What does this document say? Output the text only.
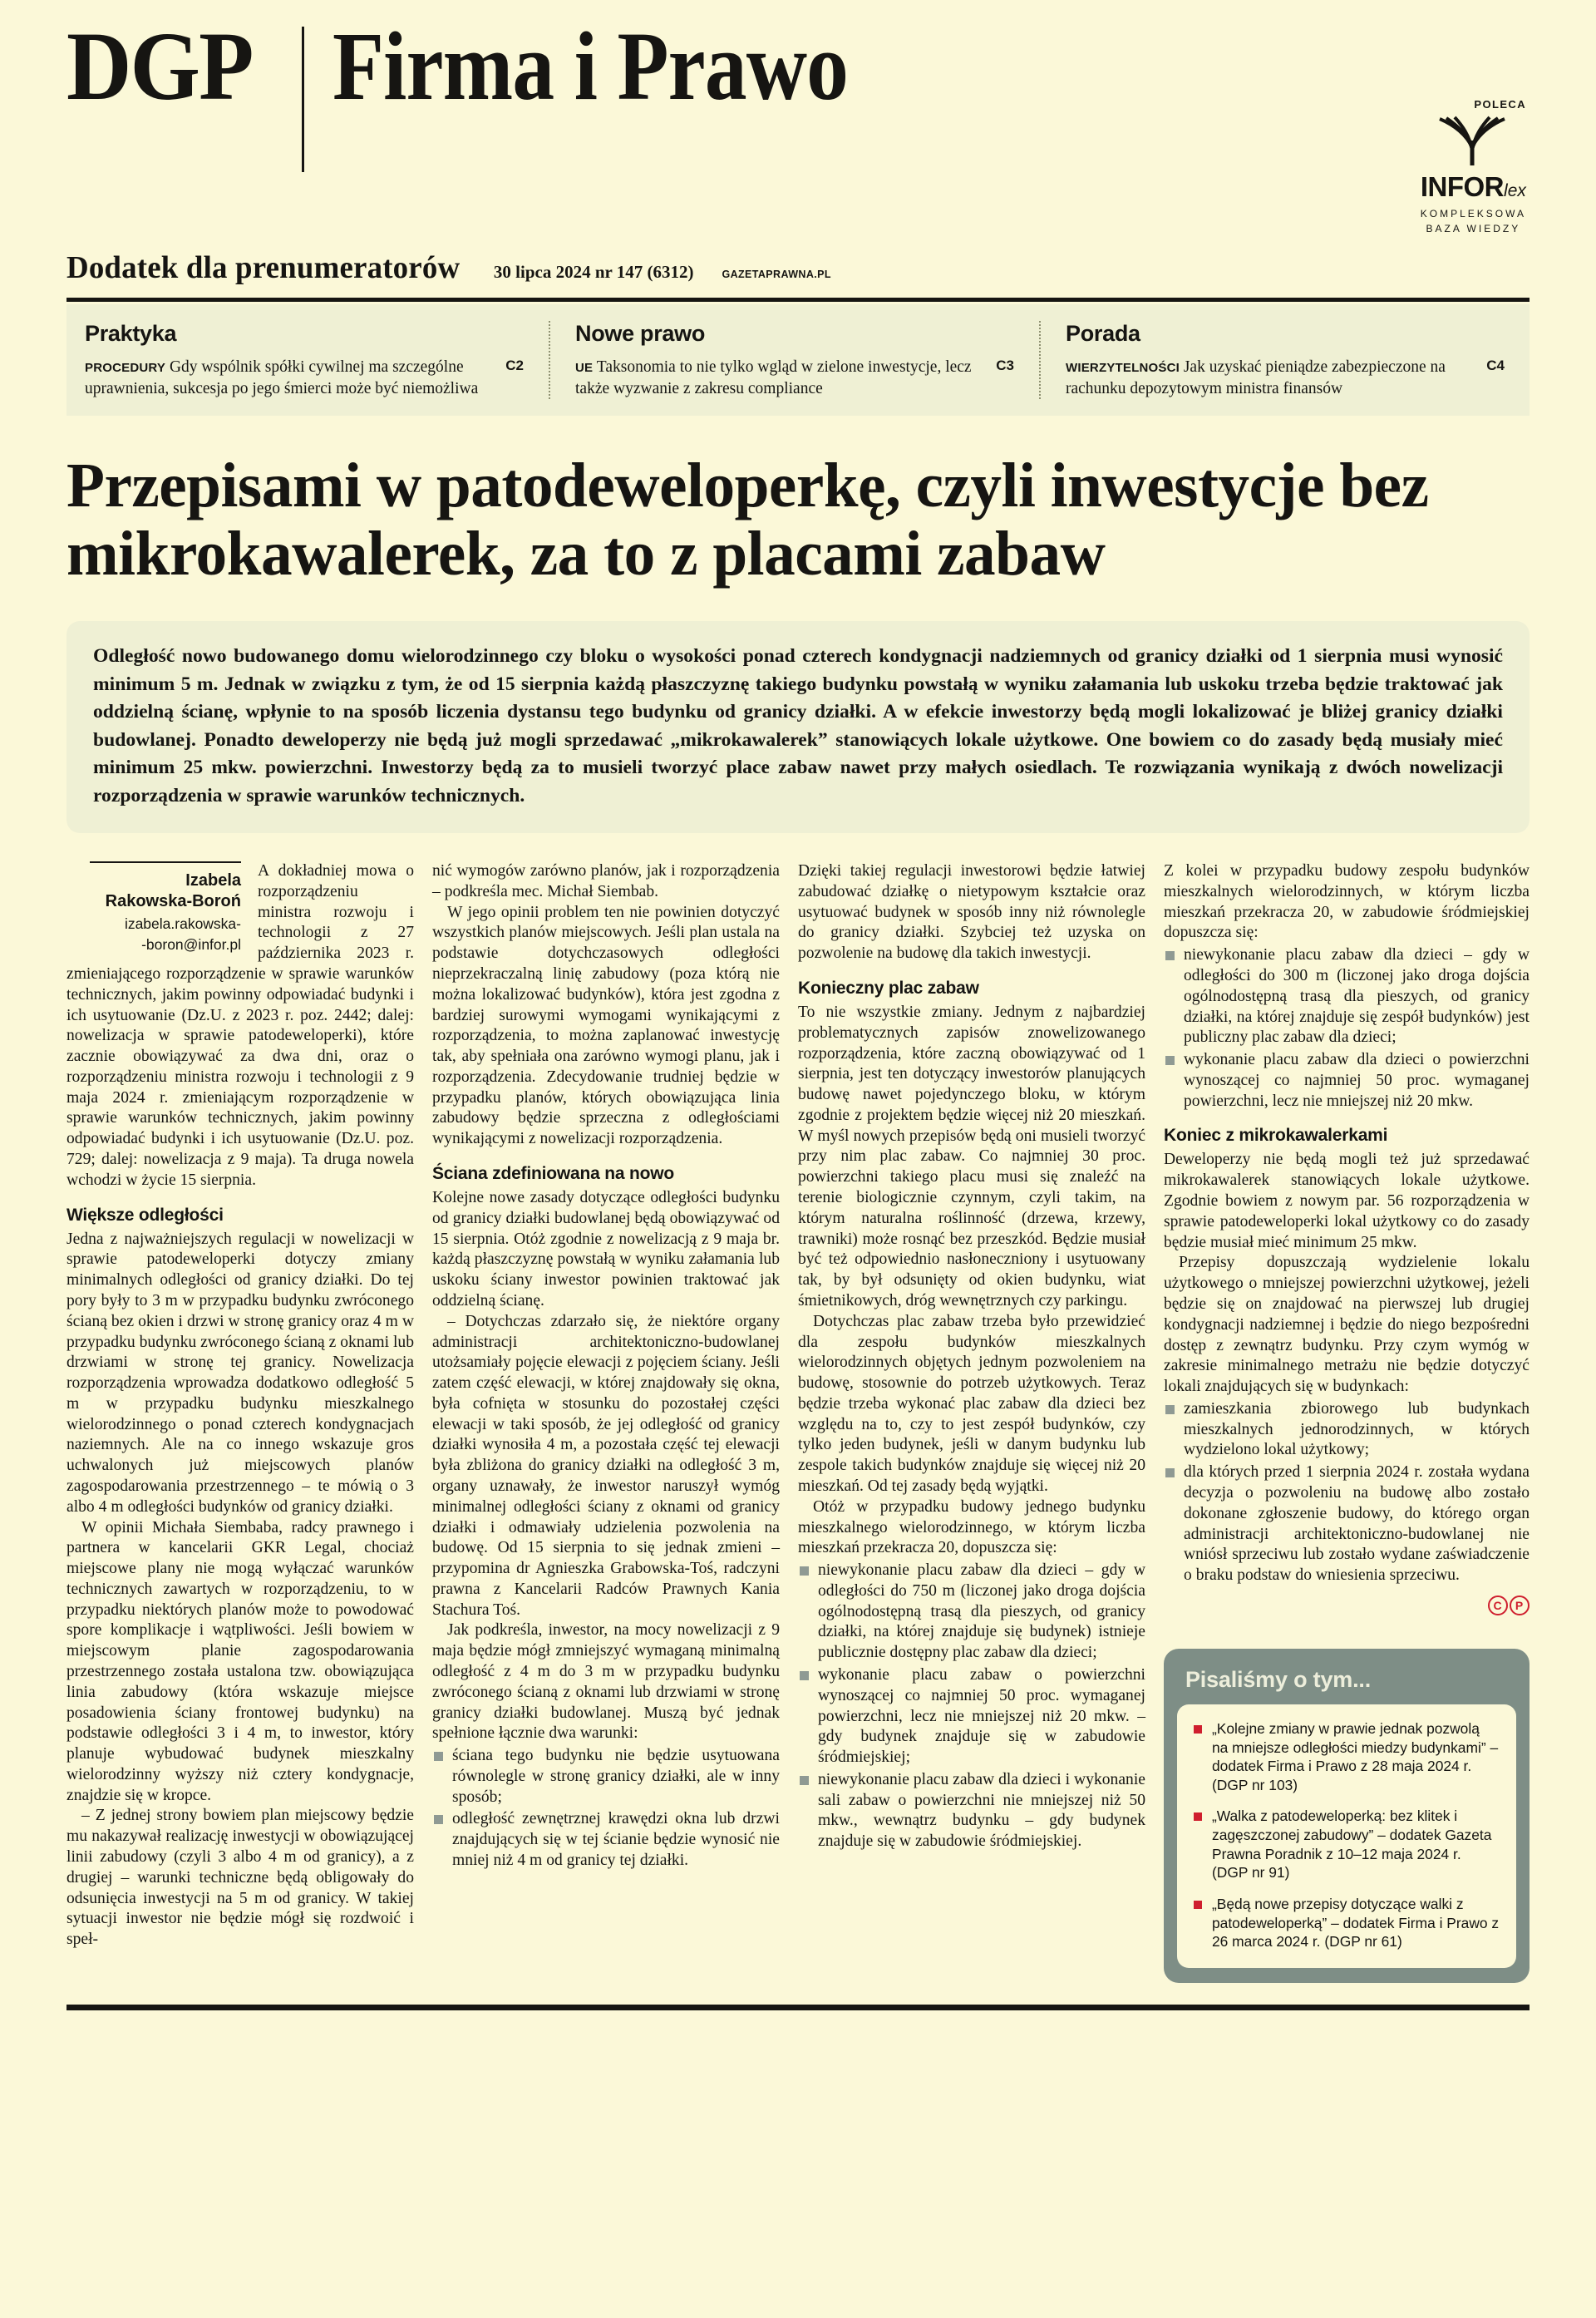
DGP Firma i Prawo	POLECA
INFORlex
KOMPLEKSOWA
BAZA WIEDZY
Dodatek dla prenumeratorów 30 lipca 2024 nr 147 (6312)	GAZETAPRAWNA.PL
Praktyka

C2
PROCEDURY Gdy wspólnik spółki cywilnej ma szczególne uprawnienia, sukcesja po jego śmierci może być niemożliwa

Nowe prawo

C3
UE Taksonomia to nie tylko wgląd w zielone inwestycje, lecz także wyzwanie z zakresu compliance

Porada

C4
WIERZYTELNOŚCI Jak uzyskać pieniądze zabezpieczone na rachunku depozytowym ministra finansów

Przepisami w patodeweloperkę, czyli inwestycje bez mikrokawalerek, za to z placami zabaw
Odległość nowo budowanego domu wielorodzinnego czy bloku o wysokości ponad czterech kondygnacji nadziemnych od granicy działki od 1 sierpnia musi wynosić minimum 5 m. Jednak w związku z tym, że od 15 sierpnia każdą płaszczyznę takiego budynku powstałą w wyniku załamania lub uskoku trzeba będzie traktować jak oddzielną ścianę, wpłynie to na sposób liczenia dystansu tego budynku od granicy działki. A w efekcie inwestorzy będą mogli lokalizować je bliżej granicy działki budowlanej. Ponadto deweloperzy nie będą już mogli sprzedawać „mikrokawalerek” stanowiących lokale użytkowe. One bowiem co do zasady będą musiały mieć minimum 25 mkw. powierzchni. Inwestorzy będą za to musieli tworzyć place zabaw nawet przy małych osiedlach. Te rozwiązania wynikają z dwóch nowelizacji rozporządzenia w sprawie warunków technicznych.
Izabela
Rakowska-Boroń
izabela.rakowska-
-boron@infor.pl

A dokładniej mowa o rozporządzeniu ministra rozwoju i technologii z 27 października 2023 r. zmieniającego rozporządzenie w sprawie warunków technicznych, jakim powinny odpowiadać budynki i ich usytuowanie (Dz.U. z 2023 r. poz. 2442; dalej: nowelizacja w sprawie patodeweloperki), które zacznie obowiązywać za dwa dni, oraz o rozporządzeniu ministra rozwoju i technologii z 9 maja 2024 r. zmieniającym rozporządzenie w sprawie warunków technicznych, jakim powinny odpowiadać budynki i ich usytuowanie (Dz.U. poz. 729; dalej: nowelizacja z 9 maja). Ta druga nowela wchodzi w życie 15 sierpnia.

Większe odległości

Jedna z najważniejszych regulacji w nowelizacji w sprawie patodeweloperki dotyczy zmiany minimalnych odległości od granicy działki. Do tej pory były to 3 m w przypadku budynku zwróconego ścianą bez okien i drzwi w stronę granicy oraz 4 m w przypadku budynku zwróconego ścianą z oknami lub drzwiami w stronę tej granicy. Nowelizacja rozporządzenia wprowadza dodatkowo odległość 5 m w przypadku budynku mieszkalnego wielorodzinnego o ponad czterech kondygnacjach naziemnych. Ale na co innego wskazuje gros uchwalonych już miejscowych planów zagospodarowania przestrzennego – te mówią o 3 albo 4 m odległości budynków od granicy działki.

W opinii Michała Siembaba, radcy prawnego i partnera w kancelarii GKR Legal, chociaż miejscowe plany nie mogą wyłączać warunków technicznych zawartych w rozporządzeniu, to w przypadku niektórych planów może to powodować spore komplikacje i wątpliwości. Jeśli bowiem w miejscowym planie zagospodarowania przestrzennego została ustalona tzw. obowiązująca linia zabudowy (która wskazuje miejsce posadowienia ściany frontowej budynku) na podstawie odległości 3 i 4 m, to inwestor, który planuje wybudować budynek mieszkalny wielorodzinny wyższy niż cztery kondygnacje, znajdzie się w kropce.

– Z jednej strony bowiem plan miejscowy będzie mu nakazywał realizację inwestycji w obowiązującej linii zabudowy (czyli 3 albo 4 m od granicy), a z drugiej – warunki techniczne będą obligowały do odsunięcia inwestycji na 5 m od granicy. W takiej sytuacji inwestor nie będzie mógł się rozdwoić i speł-

nić wymogów zarówno planów, jak i rozporządzenia – podkreśla mec. Michał Siembab.

W jego opinii problem ten nie powinien dotyczyć wszystkich planów miejscowych. Jeśli plan ustala na podstawie dotychczasowych odległości nieprzekraczalną linię zabudowy (poza którą nie można lokalizować budynków), która jest zgodna z bardziej surowymi wymogami wynikającymi z rozporządzenia, to można zaplanować inwestycję tak, aby spełniała ona zarówno wymogi planu, jak i rozporządzenia. Zdecydowanie trudniej będzie w przypadku planów, których obowiązująca linia zabudowy będzie sprzeczna z odległościami wynikającymi z nowelizacji rozporządzenia.

Ściana zdefiniowana na nowo

Kolejne nowe zasady dotyczące odległości budynku od granicy działki budowlanej będą obowiązywać od 15 sierpnia. Otóż zgodnie z nowelizacją z 9 maja br. każdą płaszczyznę powstałą w wyniku załamania lub uskoku ściany inwestor powinien traktować jak oddzielną ścianę.

– Dotychczas zdarzało się, że niektóre organy administracji architektoniczno-budowlanej utożsamiały pojęcie elewacji z pojęciem ściany. Jeśli zatem część elewacji, w której znajdowały się okna, była cofnięta w stosunku do pozostałej części elewacji w taki sposób, że jej odległość od granicy działki wynosiła 4 m, a pozostała część tej elewacji była zbliżona do granicy działki na odległość 3 m, organy uznawały, że inwestor naruszył wymóg minimalnej odległości ściany z oknami od granicy działki i odmawiały udzielenia pozwolenia na budowę. Od 15 sierpnia to się jednak zmieni – przypomina dr Agnieszka Grabowska-Toś, radczyni prawna z Kancelarii Radców Prawnych Kania Stachura Toś.

Jak podkreśla, inwestor, na mocy nowelizacji z 9 maja będzie mógł zmniejszyć wymaganą minimalną odległość z 4 m do 3 m w przypadku budynku zwróconego ścianą z oknami lub drzwiami w stronę granicy działki budowlanej. Muszą być jednak spełnione łącznie dwa warunki:

ściana tego budynku nie będzie usytuowana równolegle w stronę granicy działki, ale w inny sposób;
odległość zewnętrznej krawędzi okna lub drzwi znajdujących się w tej ścianie będzie wynosić nie mniej niż 4 m od granicy tej działki.

Dzięki takiej regulacji inwestorowi będzie łatwiej zabudować działkę o nietypowym kształcie oraz usytuować budynek w sposób inny niż równolegle do granicy działki. Szybciej też uzyska on pozwolenie na budowę dla takich inwestycji.

Konieczny plac zabaw

To nie wszystkie zmiany. Jednym z najbardziej problematycznych zapisów znowelizowanego rozporządzenia, które zaczną obowiązywać od 1 sierpnia, jest ten dotyczący inwestorów planujących budowę nawet pojedynczego bloku, w którym zgodnie z projektem będzie więcej niż 20 mieszkań. W myśl nowych przepisów będą oni musieli tworzyć przy nim plac zabaw. Co najmniej 30 proc. powierzchni takiego placu musi się znaleźć na terenie biologicznie czynnym, czyli takim, na którym naturalna roślinność (drzewa, krzewy, trawniki) może rosnąć bez przeszkód. Będzie musiał być też odpowiednio nasłoneczniony i usytuowany tak, by był odsunięty od okien budynku, wiat śmietnikowych, dróg wewnętrznych czy parkingu.

Dotychczas plac zabaw trzeba było przewidzieć dla zespołu budynków mieszkalnych wielorodzinnych objętych jednym pozwoleniem na budowę, stosownie do potrzeb użytkowych. Teraz będzie trzeba wykonać plac zabaw dla dzieci bez względu na to, czy to jest zespół budynków, czy tylko jeden budynek, jeśli w danym budynku lub zespole takich budynków znajduje się więcej niż 20 mieszkań. Od tej zasady będą wyjątki.

Otóż w przypadku budowy jednego budynku mieszkalnego wielorodzinnego, w którym liczba mieszkań przekracza 20, dopuszcza się:

niewykonanie placu zabaw dla dzieci – gdy w odległości do 750 m (liczonej jako droga dojścia ogólnodostępną trasą dla pieszych, od granicy działki, na której znajduje się budynek) istnieje publicznie dostępny plac zabaw dla dzieci;
wykonanie placu zabaw o powierzchni wynoszącej co najmniej 50 proc. wymaganej powierzchni, lecz nie mniejszej niż 20 mkw. – gdy budynek znajduje się w zabudowie śródmiejskiej;
niewykonanie placu zabaw dla dzieci i wykonanie sali zabaw o powierzchni nie mniejszej niż 50 mkw., wewnątrz budynku – gdy budynek znajduje się w zabudowie śródmiejskiej.

Z kolei w przypadku budowy zespołu budynków mieszkalnych wielorodzinnych, w którym liczba mieszkań przekracza 20, w zabudowie śródmiejskiej dopuszcza się:

niewykonanie placu zabaw dla dzieci – gdy w odległości do 300 m (liczonej jako droga dojścia ogólnodostępną trasą dla pieszych, od granicy działki, na której znajduje się zespół budynków) jest publiczny plac zabaw dla dzieci;
wykonanie placu zabaw dla dzieci o powierzchni wynoszącej co najmniej 50 proc. wymaganej powierzchni, lecz nie mniejszej niż 20 mkw.
Koniec z mikrokawalerkami

Deweloperzy nie będą mogli też już sprzedawać mikrokawalerek stanowiących lokale użytkowe. Zgodnie bowiem z nowym par. 56 rozporządzenia w sprawie patodeweloperki lokal użytkowy co do zasady będzie musiał mieć minimum 25 mkw.

Przepisy dopuszczają wydzielenie lokalu użytkowego o mniejszej powierzchni użytkowej, jeżeli będzie się on znajdować na pierwszej lub drugiej kondygnacji nadziemnej i będzie do niego bezpośredni dostęp z zewnątrz budynku. Przy czym wymóg w zakresie minimalnego metrażu nie będzie dotyczyć lokali znajdujących się w budynkach:

zamieszkania zbiorowego lub budynkach mieszkalnych jednorodzinnych, w których wydzielono lokal użytkowy;
dla których przed 1 sierpnia 2024 r. została wydana decyzja o pozwoleniu na budowę albo zostało dokonane zgłoszenie budowy, do którego organ administracji architektoniczno-budowlanej nie wniósł sprzeciwu lub zostało wydane zaświadczenie o braku podstaw do wniesienia sprzeciwu.
C P
Pisaliśmy o tym...
„Kolejne zmiany w prawie jednak pozwolą na mniejsze odległości miedzy budynkami” – dodatek Firma i Prawo z 28 maja 2024 r. (DGP nr 103)
„Walka z patodeweloperką: bez klitek i zagęszczonej zabudowy” – dodatek Gazeta Prawna Poradnik z 10–12 maja 2024 r. (DGP nr 91)
„Będą nowe przepisy dotyczące walki z patodeweloperką” – dodatek Firma i Prawo z 26 marca 2024 r. (DGP nr 61)
